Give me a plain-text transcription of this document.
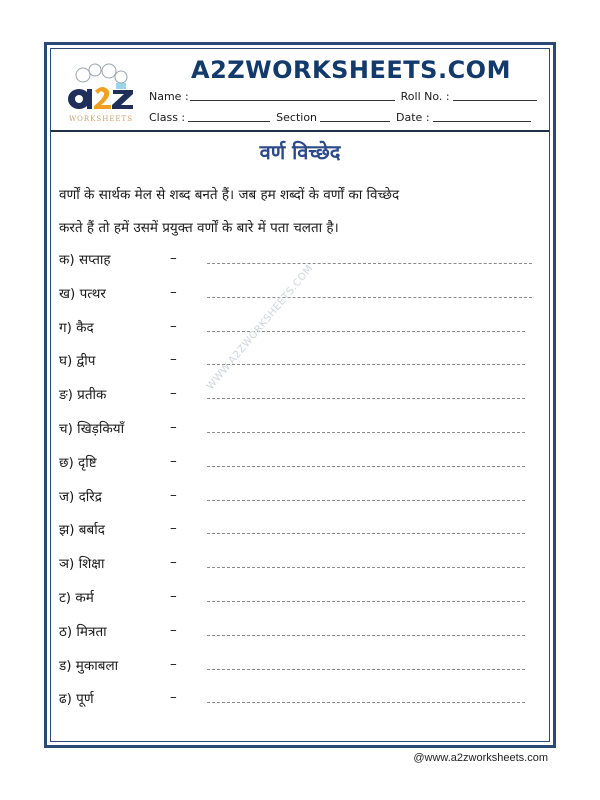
WORKSHEETS
A2ZWORKSHEETS.COM
Name :	Roll No. :
Class :	Section	Date :
वर्ण विच्छेद
वर्णों के सार्थक मेल से शब्द बनते हैं। जब हम शब्दों के वर्णों का विच्छेद
करते हैं तो हमें उसमें प्रयुक्त वर्णों के बारे में पता चलता है।
क) सप्ताह	–
ख) पत्थर	–
ग) कैद	–
घ) द्वीप	–
ङ) प्रतीक	–
च) खिड़कियाँ	–
छ) दृष्टि	–
ज) दरिद्र	–
झ) बर्बाद	–
ञ) शिक्षा	–
ट) कर्म	–
ठ) मित्रता	–
ड) मुकाबला	–
ढ) पूर्ण	–
WWW.A2ZWORKSHEETS.COM
@www.a2zworksheets.com
